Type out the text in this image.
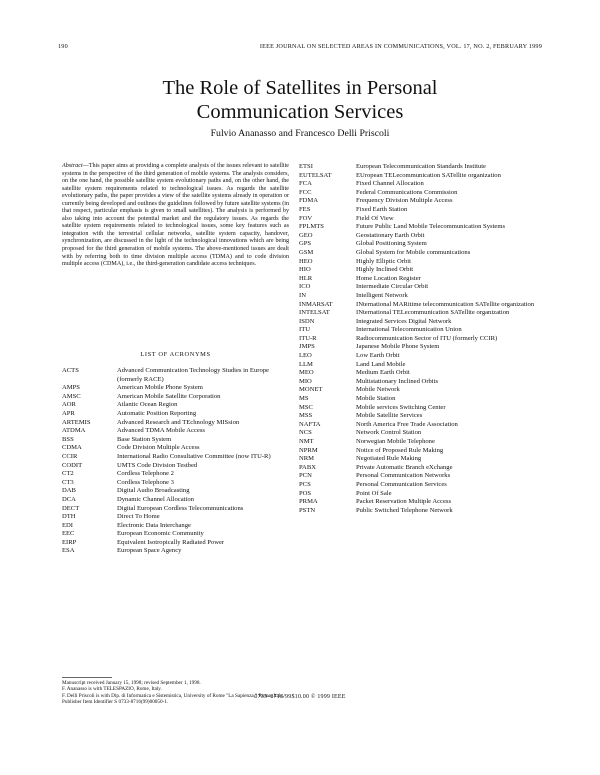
190	IEEE JOURNAL ON SELECTED AREAS IN COMMUNICATIONS, VOL. 17, NO. 2, FEBRUARY 1999
The Role of Satellites in Personal
Communication Services
Fulvio Ananasso and Francesco Delli Priscoli
Abstract—This paper aims at providing a complete analysis of the issues relevant to satellite systems in the perspective of the third generation of mobile systems. The analysis considers, on the one hand, the possible satellite system evolutionary paths and, on the other hand, the satellite system requirements related to technological issues. As regards the satellite evolutionary paths, the paper provides a view of the satellite systems already in operation or currently being developed and outlines the guidelines followed by future satellite systems (in that respect, particular emphasis is given to small satellites). The analysis is performed by also taking into account the potential market and the regulatory issues. As regards the satellite system requirements related to technological issues, some key features such as integration with the terrestrial cellular networks, satellite system capacity, handover, synchronization, are discussed in the light of the technological innovations which are being proposed for the third generation of mobile systems. The above-mentioned issues are dealt with by referring both to time division multiple access (TDMA) and to code division multiple access (CDMA), i.e., the third-generation candidate access techniques.
LIST OF ACRONYMS
ACTS	Advanced Communication Technology Studies in Europe (formerly RACE)
AMPS	American Mobile Phone System
AMSC	American Mobile Satellite Corporation
AOR	Atlantic Ocean Region
APR	Automatic Position Reporting
ARTEMIS	Advanced Research and TEchnology MISsion
ATDMA	Advanced TDMA Mobile Access
BSS	Base Station System
CDMA	Code Division Multiple Access
CCIR	International Radio Consultative Committee (now ITU-R)
CODIT	UMTS Code Division Testbed
CT2	Cordless Telephone 2
CT3	Cordless Telephone 3
DAB	Digital Audio Broadcasting
DCA	Dynamic Channel Allocation
DECT	Digital European Cordless Telecommunications
DTH	Direct To Home
EDI	Electronic Data Interchange
EEC	European Economic Community
EIRP	Equivalent Isotropically Radiated Power
ESA	European Space Agency
ETSI	European Telecommunication Standards Institute
EUTELSAT	EUropean TELecommunication SATellite organization
FCA	Fixed Channel Allocation
FCC	Federal Communications Commission
FDMA	Frequency Division Multiple Access
FES	Fixed Earth Station
FOV	Field Of View
FPLMTS	Future Public Land Mobile Telecommunication Systems
GEO	Geostationary Earth Orbit
GPS	Global Positioning System
GSM	Global System for Mobile communications
HEO	Highly Elliptic Orbit
HIO	Highly Inclined Orbit
HLR	Home Location Register
ICO	Intermediate Circular Orbit
IN	Intelligent Network
INMARSAT	INternational MARitime telecommunication SATellite organization
INTELSAT	INternational TELecommunication SATellite organization
ISDN	Integrated Services Digital Network
ITU	International Telecommunication Union
ITU-R	Radiocommunication Sector of ITU (formerly CCIR)
JMPS	Japanese Mobile Phone System
LEO	Low Earth Orbit
LLM	Land Land Mobile
MEO	Medium Earth Orbit
MIO	Multistationary Inclined Orbits
MONET	Mobile Network
MS	Mobile Station
MSC	Mobile services Switching Center
MSS	Mobile Satellite Services
NAFTA	North America Free Trade Association
NCS	Network Control Station
NMT	Norwegian Mobile Telephone
NPRM	Notice of Proposed Rule Making
NRM	Negotiated Rule Making
PABX	Private Automatic Branch eXchange
PCN	Personal Communication Networks
PCS	Personal Communication Services
POS	Point Of Sale
PRMA	Packet Reservation Multiple Access
PSTN	Public Switched Telephone Network
Manuscript received January 15, 1998; revised September 1, 1998.
F. Ananasso is with TELESPAZIO, Rome, Italy.
F. Delli Priscoli is with Dip. di Informatica e Sistemistica, University of Rome "La Sapienza," Rome, Italy.
Publisher Item Identifier S 0733-8716(99)00050-1.
0733–8716/99$10.00 © 1999 IEEE
